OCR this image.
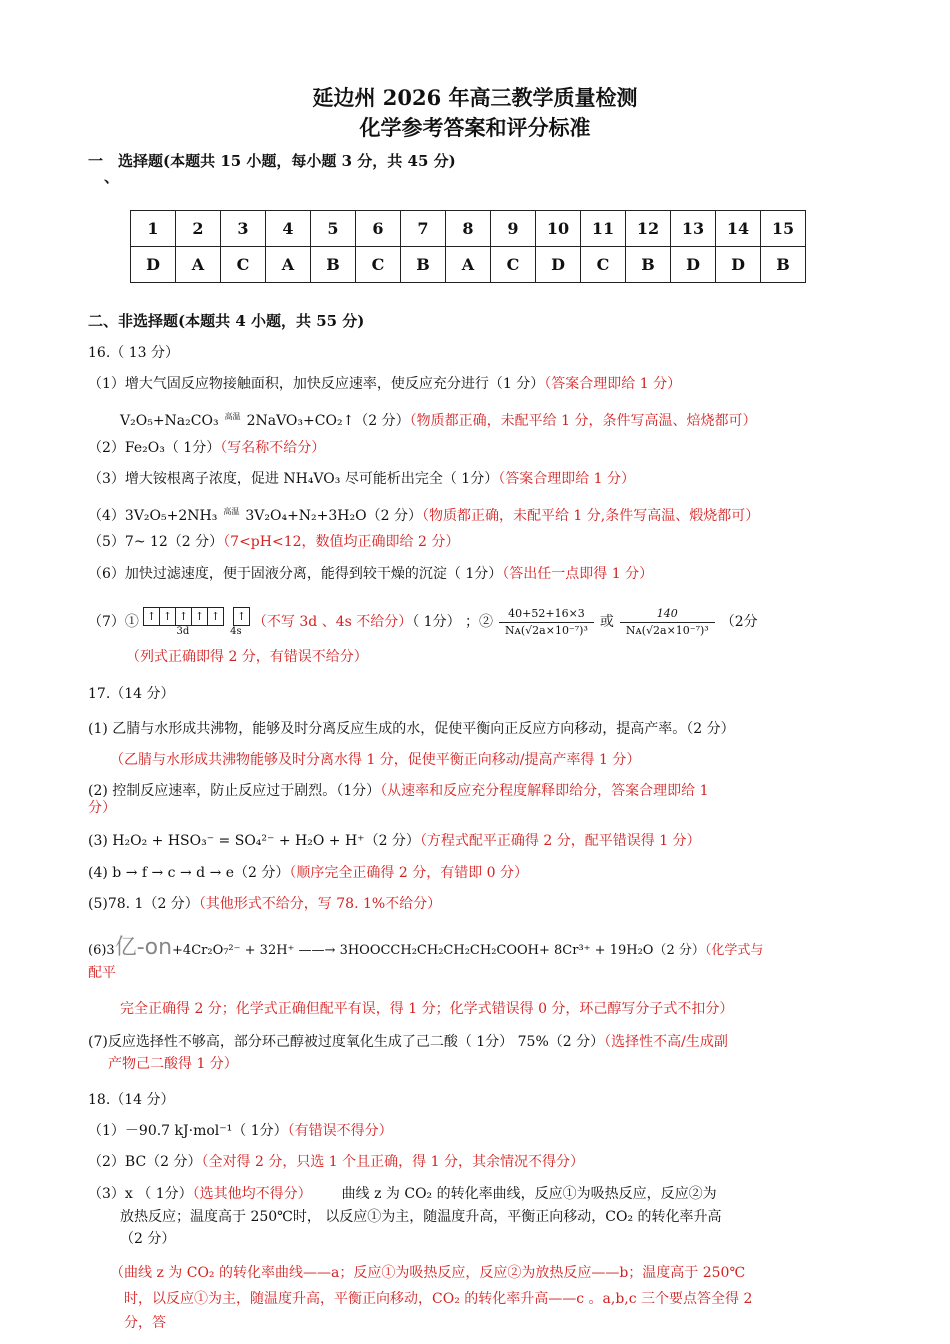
延边州 2026 年高三教学质量检测
化学参考答案和评分标准
一　选择题(本题共 15 小题，每小题 3 分，共 45 分)
、
1	2	3	4	5	6	7	8	9	10	11	12	13	14	15
D	A	C	A	B	C	B	A	C	D	C	B	D	D	B
二、非选择题(本题共 4 小题，共 55 分)
16.（ 13 分）
（1）增大气固反应物接触面积，加快反应速率，使反应充分进行（1 分）（答案合理即给 1 分）
V₂O₅+Na₂CO₃ $^{高温}$ 2NaVO₃+CO₂↑（2 分）（物质都正确，未配平给 1 分，条件写高温、焙烧都可）
（2）Fe₂O₃（ 1分）（写名称不给分）
（3）增大铵根离子浓度，促进 NH₄VO₃ 尽可能析出完全（ 1分）（答案合理即给 1 分）
（4）3V₂O₅+2NH₃ $^{高温}$ 3V₂O₄+N₂+3H₂O（2 分）（物质都正确，未配平给 1 分,条件写高温、煅烧都可）
（5）7~ 12（2 分）（7<pH<12，数值均正确即给 2 分）
（6）加快过滤速度，便于固液分离，能得到较干燥的沉淀（ 1分）（答出任一点即得 1 分）
（7）① ↑ ↑ ↑ ↑ ↑ ↑
3d	4s
（不写 3d 、4s 不给分）（ 1分） ；② $\frac{40+52+16\times 3}{\text{Nᴀ(√2a×10⁻⁷)³}}$ 或 $\frac{140}{\text{Nᴀ(√2a×10⁻⁷)³}} (2$分
（列式正确即得 2 分，有错误不给分）
17.（14 分）
(1) 乙腈与水形成共沸物，能够及时分离反应生成的水，促使平衡向正反应方向移动，提高产率。（2 分）
（乙腈与水形成共沸物能够及时分离水得 1 分，促使平衡正向移动/提高产率得 1 分）
(2) 控制反应速率，防止反应过于剧烈。（1分）（从速率和反应充分程度解释即给分，答案合理即给 1
分）
(3) H₂O₂ + HSO₃⁻ = SO₄²⁻ + H₂O + H⁺（2 分）（方程式配平正确得 2 分，配平错误得 1 分）
(4) b → f → c → d → e（2 分）（顺序完全正确得 2 分，有错即 0 分）
(5)78. 1（2 分）（其他形式不给分，写 78. 1%不给分）
(6)3亿-on+4Cr₂O₇²⁻ + 32H⁺ ——→ 3HOOCCH₂CH₂CH₂CH₂COOH+ 8Cr³⁺ + 19H₂O（2 分）（化学式与
配平
完全正确得 2 分；化学式正确但配平有误，得 1 分；化学式错误得 0 分，环己醇写分子式不扣分）
(7)反应选择性不够高，部分环己醇被过度氧化生成了己二酸（ 1分） 75%（2 分）（选择性不高/生成副
产物己二酸得 1 分）
18.（14 分）
（1）－90.7 kJ·mol⁻¹（ 1分）（有错误不得分）
（2）BC（2 分）（全对得 2 分，只选 1 个且正确，得 1 分，其余情况不得分）
（3）x （ 1分）（选其他均不得分） 曲线 z 为 CO₂ 的转化率曲线，反应①为吸热反应，反应②为
放热反应；温度高于 250℃时， 以反应①为主，随温度升高，平衡正向移动，CO₂ 的转化率升高
（2 分）
（曲线 z 为 CO₂ 的转化率曲线——a；反应①为吸热反应，反应②为放热反应——b；温度高于 250℃
时，以反应①为主，随温度升高，平衡正向移动，CO₂ 的转化率升高——c 。a,b,c 三个要点答全得 2
分，答
